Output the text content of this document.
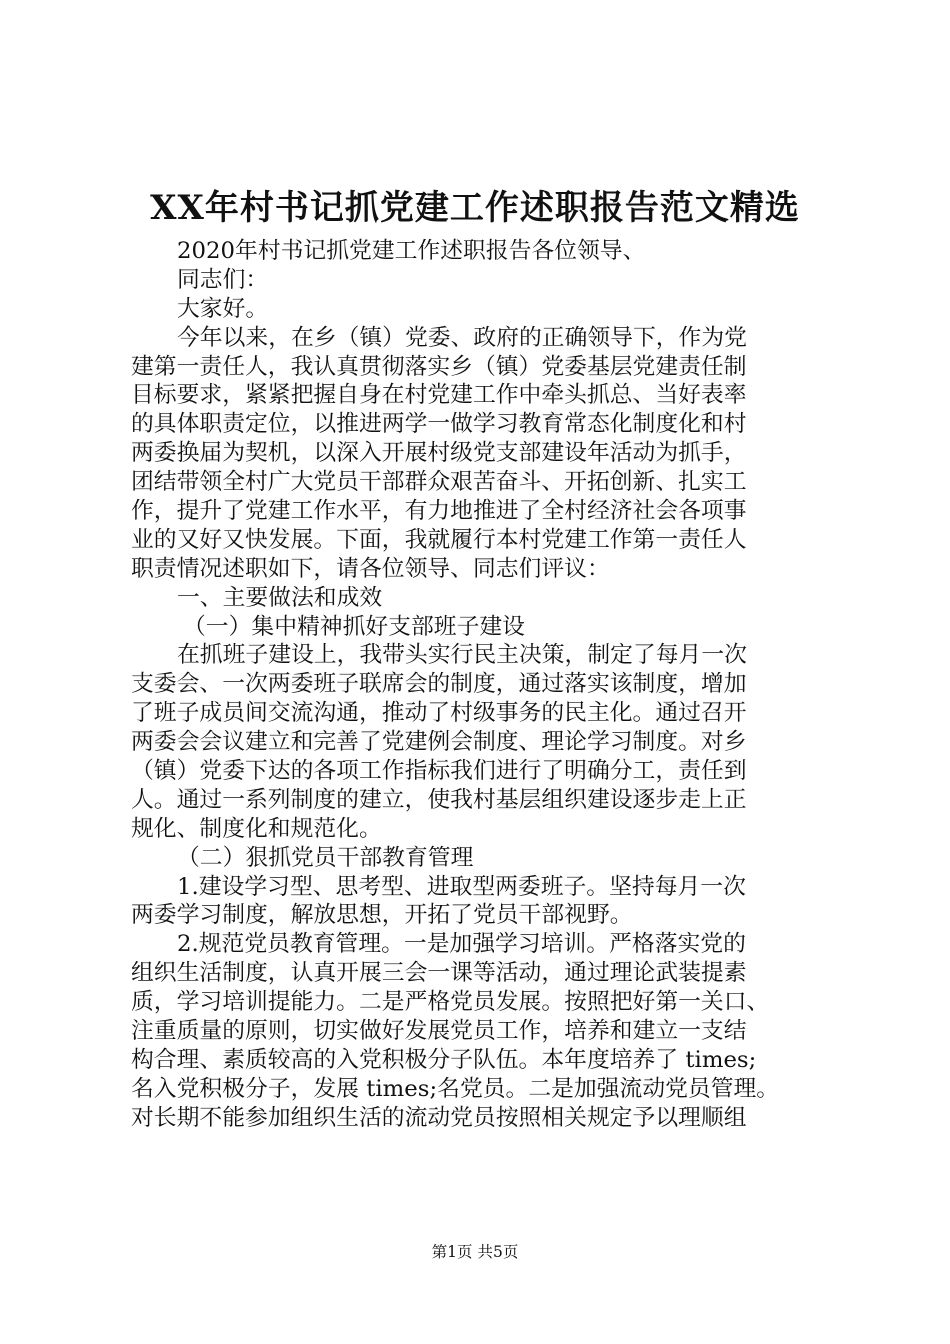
XX年村书记抓党建工作述职报告范文精选
2020年村书记抓党建工作述职报告各位领导、
同志们：
大家好。
今年以来，在乡（镇）党委、政府的正确领导下，作为党
建第一责任人，我认真贯彻落实乡（镇）党委基层党建责任制
目标要求，紧紧把握自身在村党建工作中牵头抓总、当好表率
的具体职责定位，以推进两学一做学习教育常态化制度化和村
两委换届为契机，以深入开展村级党支部建设年活动为抓手，
团结带领全村广大党员干部群众艰苦奋斗、开拓创新、扎实工
作，提升了党建工作水平，有力地推进了全村经济社会各项事
业的又好又快发展。下面，我就履行本村党建工作第一责任人
职责情况述职如下，请各位领导、同志们评议：
一、主要做法和成效
（一）集中精神抓好支部班子建设
在抓班子建设上，我带头实行民主决策，制定了每月一次
支委会、一次两委班子联席会的制度，通过落实该制度，增加
了班子成员间交流沟通，推动了村级事务的民主化。通过召开
两委会会议建立和完善了党建例会制度、理论学习制度。对乡
（镇）党委下达的各项工作指标我们进行了明确分工，责任到
人。通过一系列制度的建立，使我村基层组织建设逐步走上正
规化、制度化和规范化。
（二）狠抓党员干部教育管理
1.建设学习型、思考型、进取型两委班子。坚持每月一次
两委学习制度，解放思想，开拓了党员干部视野。
2.规范党员教育管理。一是加强学习培训。严格落实党的
组织生活制度，认真开展三会一课等活动，通过理论武装提素
质，学习培训提能力。二是严格党员发展。按照把好第一关口、
注重质量的原则，切实做好发展党员工作，培养和建立一支结
构合理、素质较高的入党积极分子队伍。本年度培养了 times;
名入党积极分子，发展 times;名党员。二是加强流动党员管理。
对长期不能参加组织生活的流动党员按照相关规定予以理顺组
第1页 共5页
